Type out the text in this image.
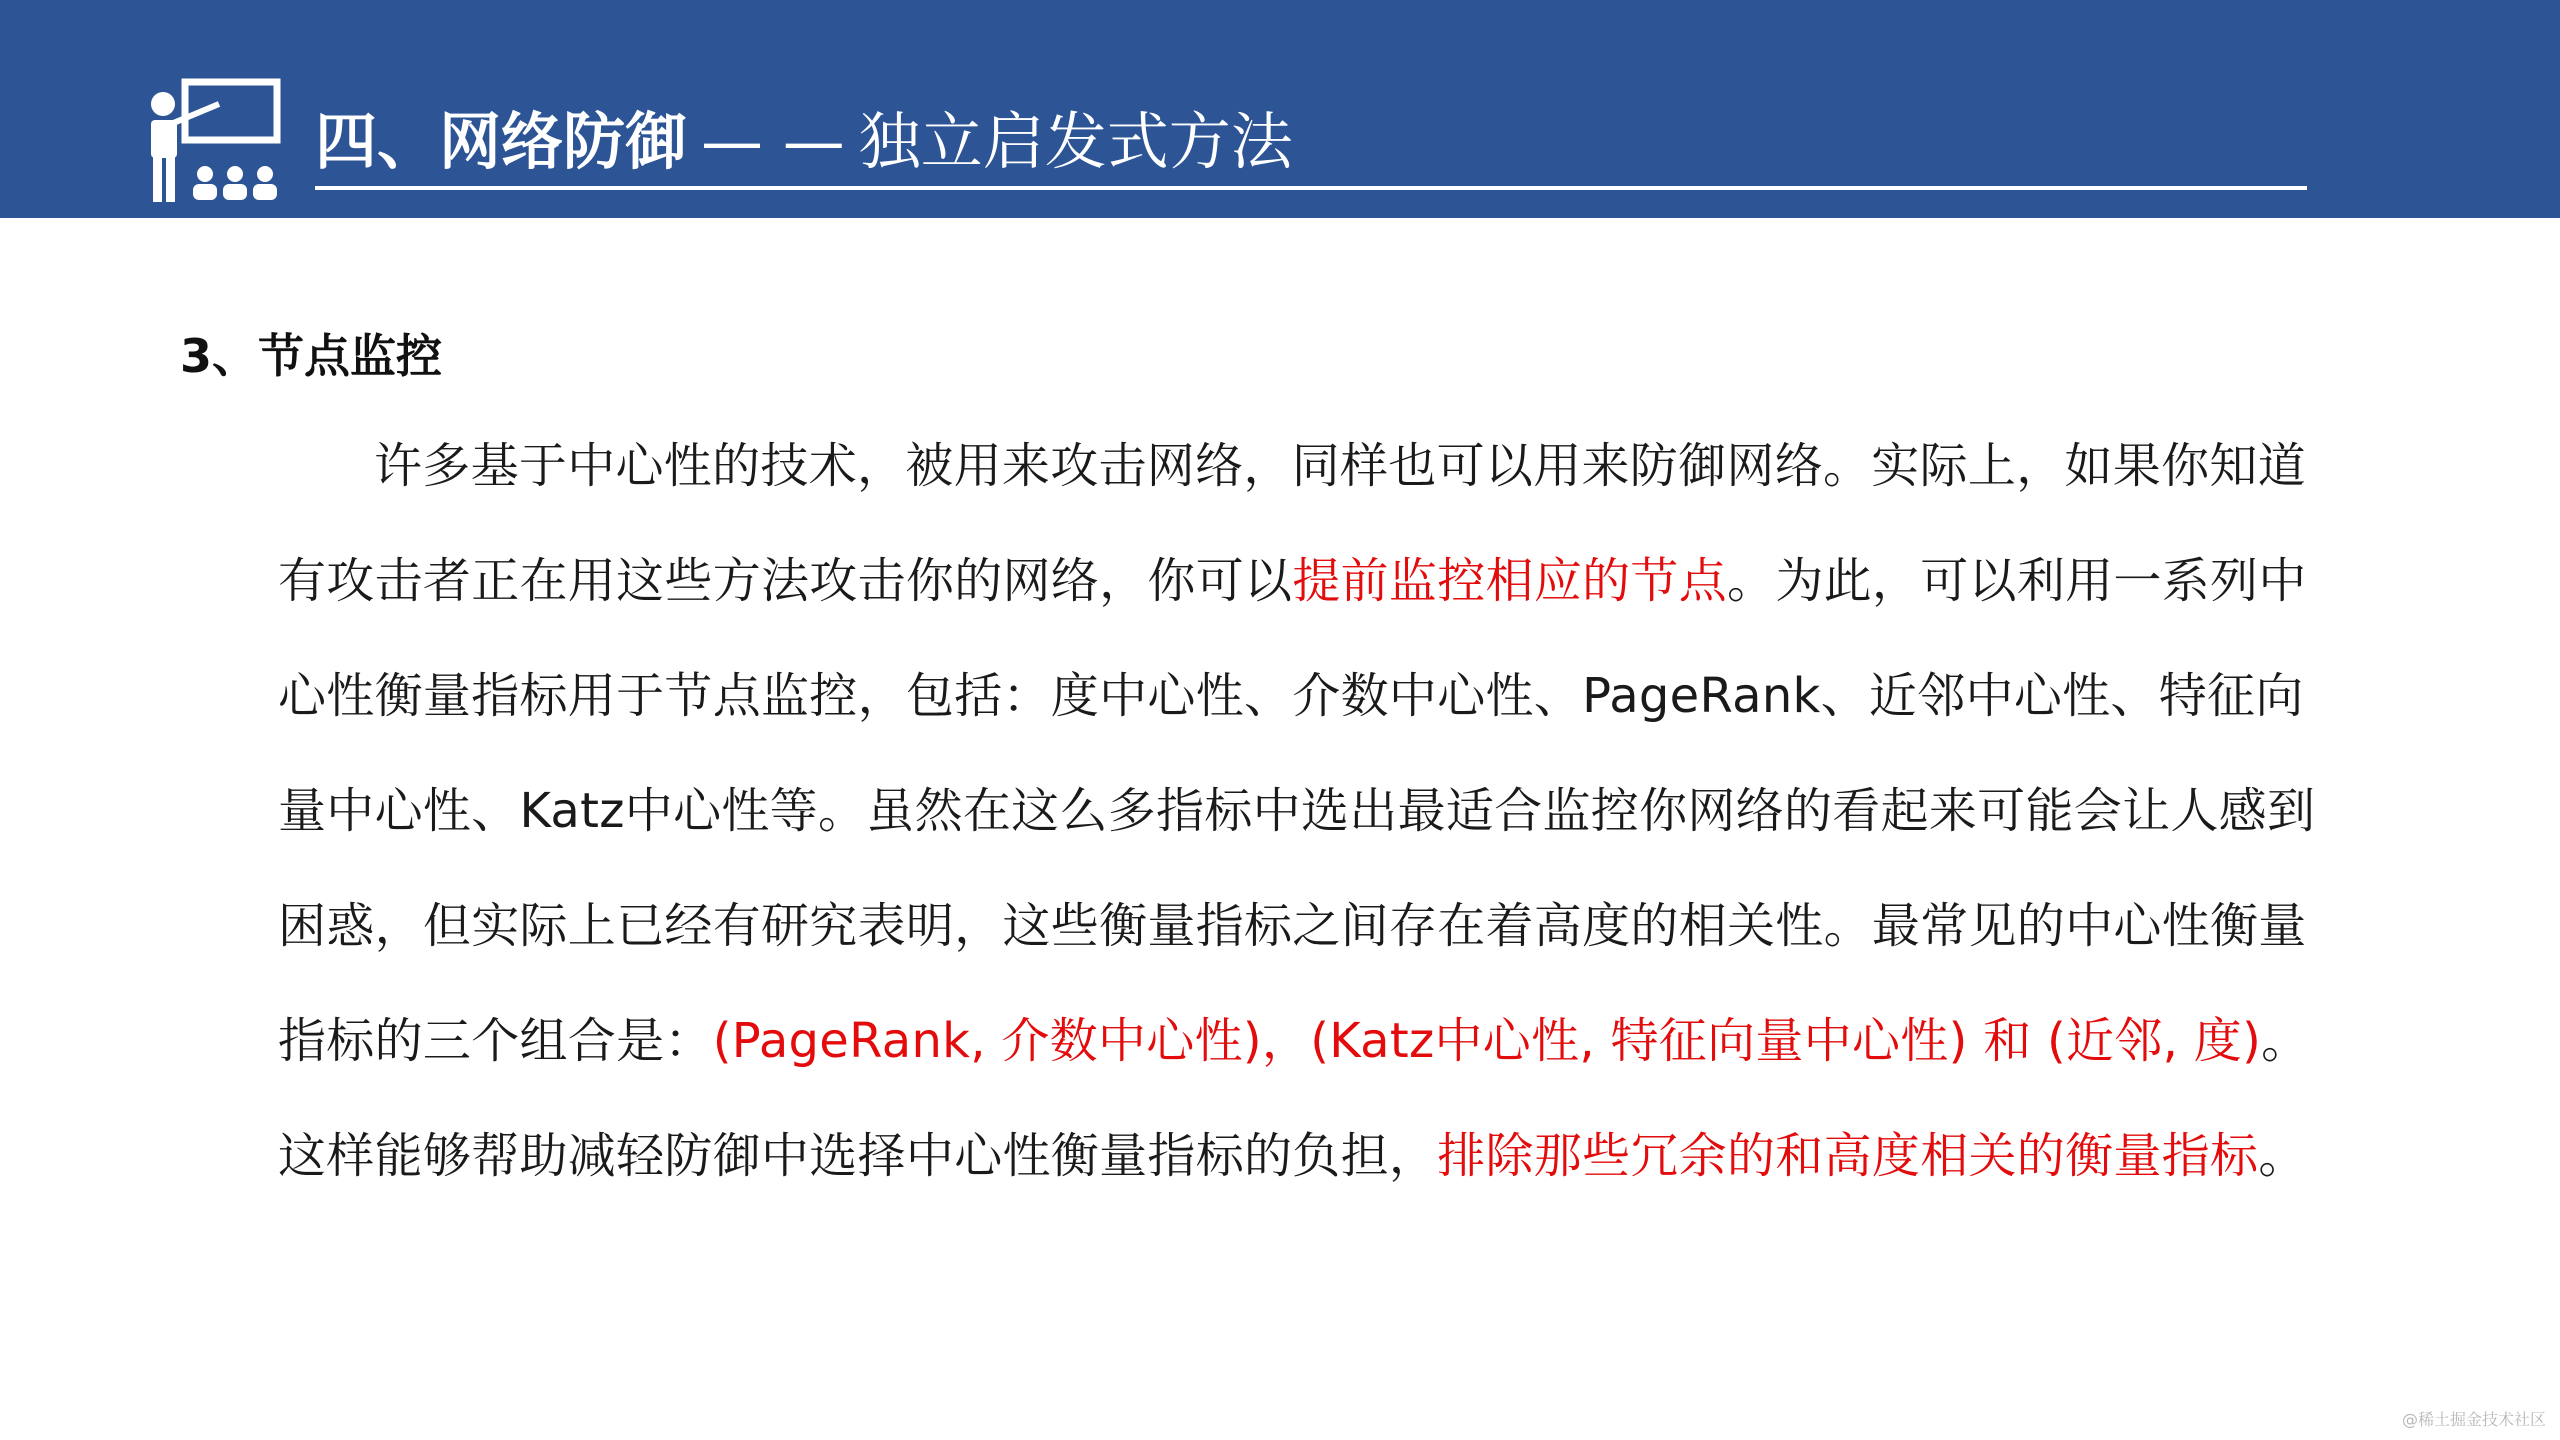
四、网络防御 — — 独立启发式方法
3、节点监控
许多基于中心性的技术，被用来攻击网络，同样也可以用来防御网络。实际上，如果你知道有攻击者正在用这些方法攻击你的网络，你可以提前监控相应的节点。为此，可以利用一系列中心性衡量指标用于节点监控，包括：度中心性、介数中心性、PageRank、近邻中心性、特征向量中心性、Katz中心性等。虽然在这么多指标中选出最适合监控你网络的看起来可能会让人感到困惑，但实际上已经有研究表明，这些衡量指标之间存在着高度的相关性。最常见的中心性衡量指标的三个组合是：(PageRank, 介数中心性)，(Katz中心性, 特征向量中心性) 和 (近邻, 度)。这样能够帮助减轻防御中选择中心性衡量指标的负担，排除那些冗余的和高度相关的衡量指标。
@稀土掘金技术社区
